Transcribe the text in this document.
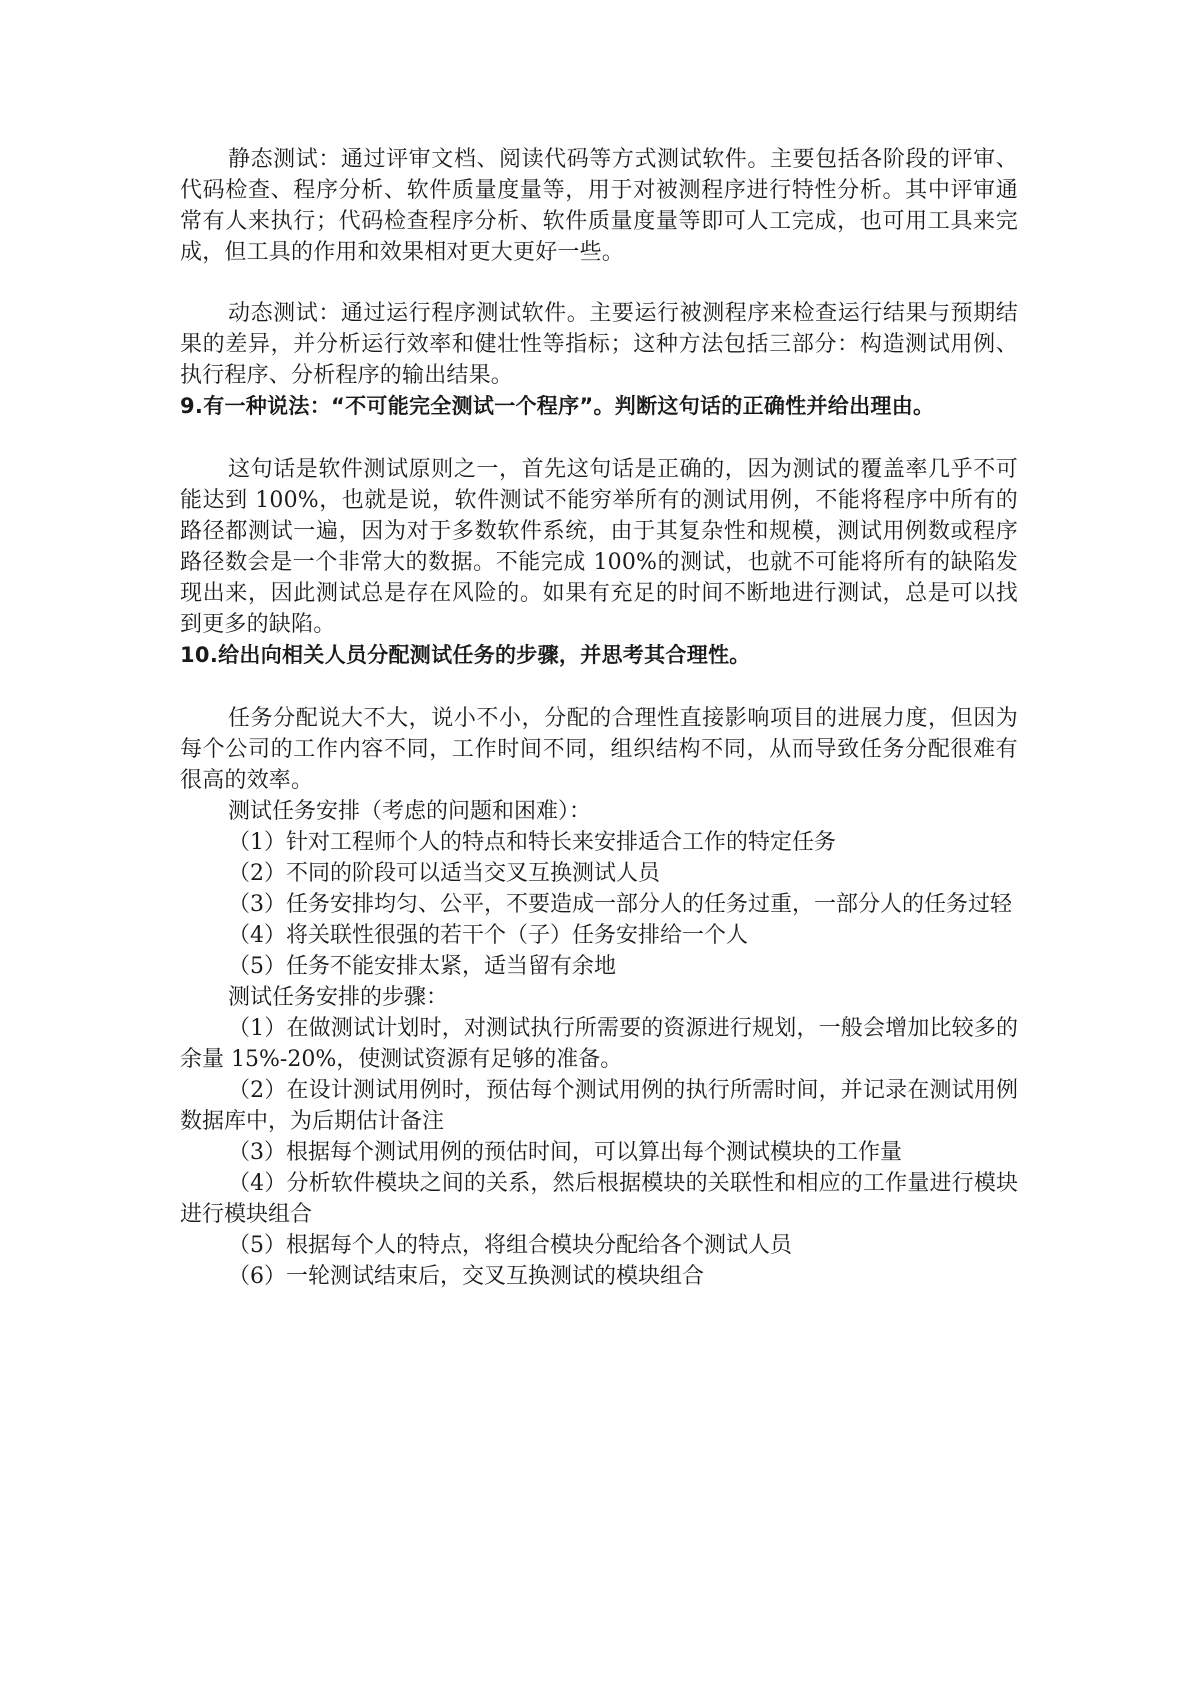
静态测试：通过评审文档、阅读代码等方式测试软件。主要包括各阶段的评审、代码检查、程序分析、软件质量度量等，用于对被测程序进行特性分析。其中评审通常有人来执行；代码检查程序分析、软件质量度量等即可人工完成，也可用工具来完成，但工具的作用和效果相对更大更好一些。

动态测试：通过运行程序测试软件。主要运行被测程序来检查运行结果与预期结果的差异，并分析运行效率和健壮性等指标；这种方法包括三部分：构造测试用例、执行程序、分析程序的输出结果。

9.有一种说法：“不可能完全测试一个程序”。判断这句话的正确性并给出理由。

这句话是软件测试原则之一，首先这句话是正确的，因为测试的覆盖率几乎不可能达到 100%，也就是说，软件测试不能穷举所有的测试用例，不能将程序中所有的路径都测试一遍，因为对于多数软件系统，由于其复杂性和规模，测试用例数或程序路径数会是一个非常大的数据。不能完成 100%的测试，也就不可能将所有的缺陷发现出来，因此测试总是存在风险的。如果有充足的时间不断地进行测试，总是可以找到更多的缺陷。

10.给出向相关人员分配测试任务的步骤，并思考其合理性。

任务分配说大不大，说小不小，分配的合理性直接影响项目的进展力度，但因为每个公司的工作内容不同，工作时间不同，组织结构不同，从而导致任务分配很难有很高的效率。

测试任务安排（考虑的问题和困难）：

（1）针对工程师个人的特点和特长来安排适合工作的特定任务

（2）不同的阶段可以适当交叉互换测试人员

（3）任务安排均匀、公平，不要造成一部分人的任务过重，一部分人的任务过轻

（4）将关联性很强的若干个（子）任务安排给一个人

（5）任务不能安排太紧，适当留有余地

测试任务安排的步骤：

（1）在做测试计划时，对测试执行所需要的资源进行规划，一般会增加比较多的余量 15%-20%，使测试资源有足够的准备。

（2）在设计测试用例时，预估每个测试用例的执行所需时间，并记录在测试用例数据库中，为后期估计备注

（3）根据每个测试用例的预估时间，可以算出每个测试模块的工作量

（4）分析软件模块之间的关系，然后根据模块的关联性和相应的工作量进行模块进行模块组合

（5）根据每个人的特点，将组合模块分配给各个测试人员

（6）一轮测试结束后，交叉互换测试的模块组合
